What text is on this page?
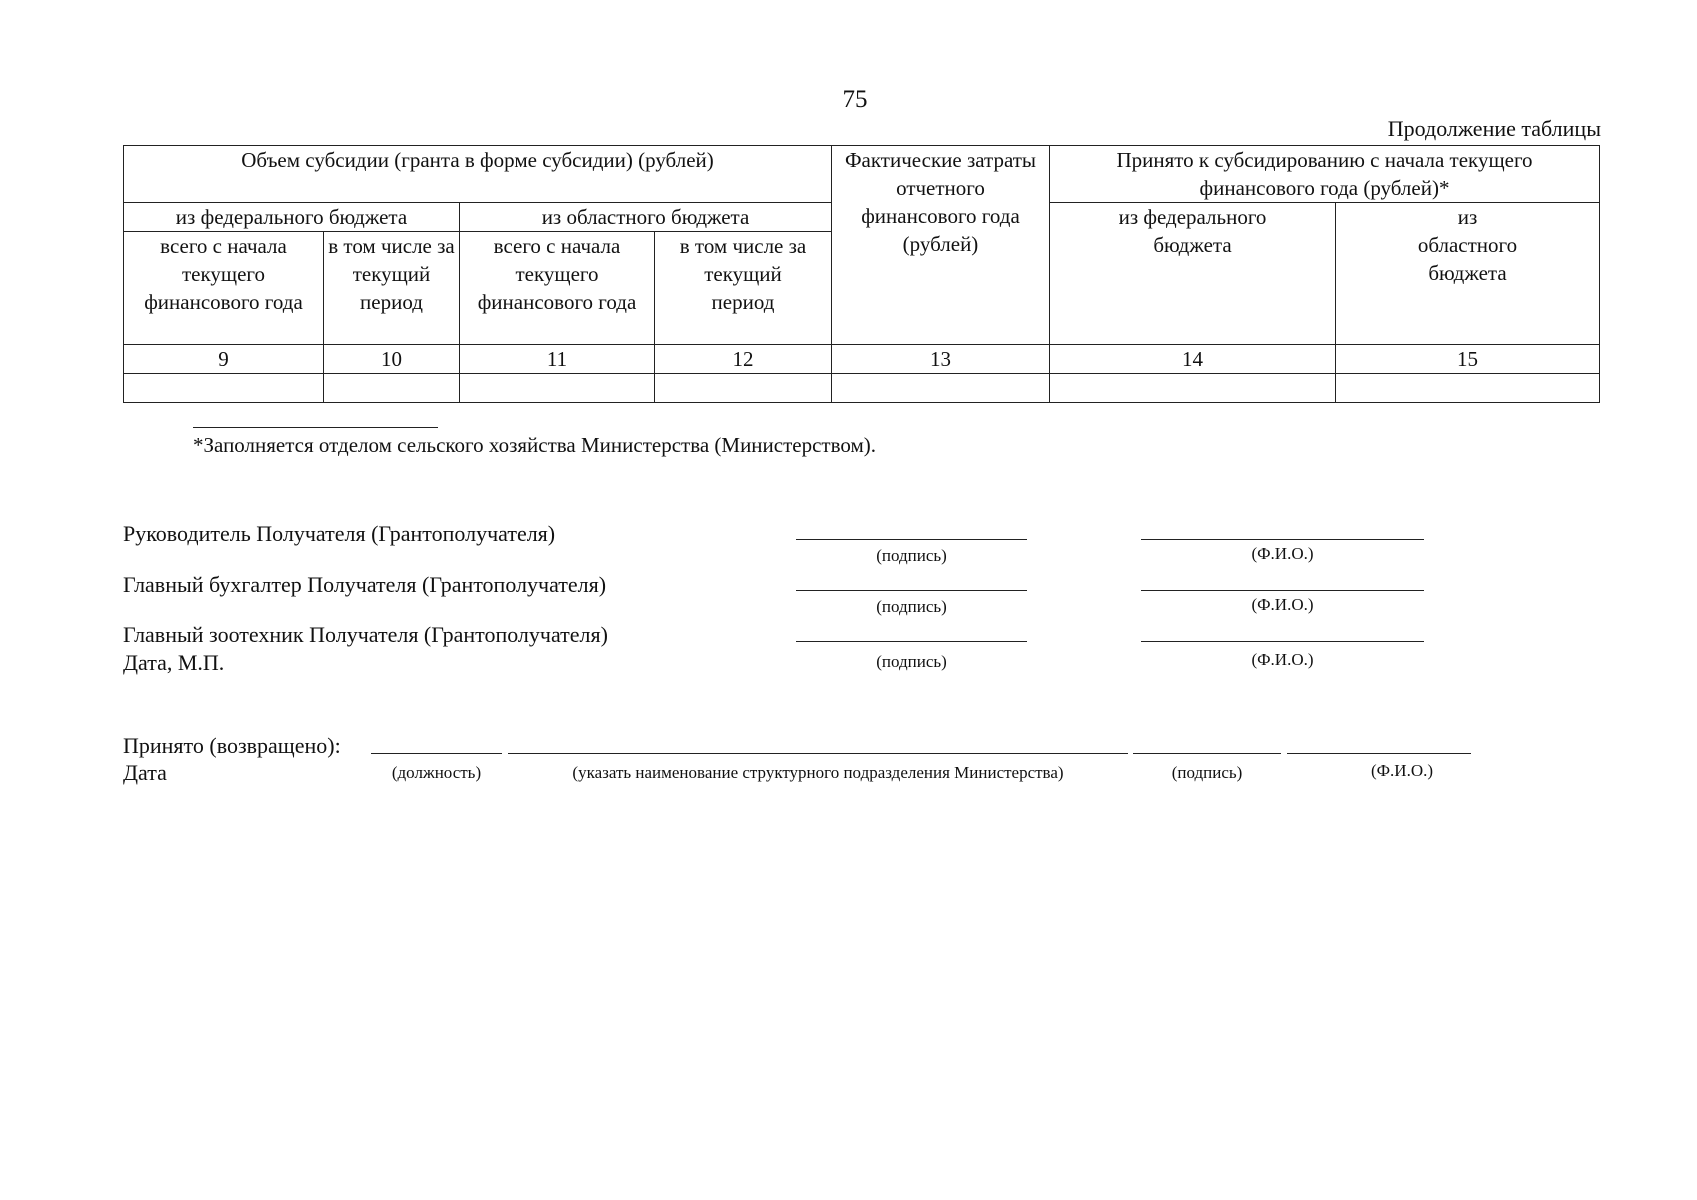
75
Продолжение таблицы
Объем субсидии (гранта в форме субсидии) (рублей)				Фактические затраты отчетного финансового года (рублей)	Принято к субсидированию с начала текущего финансового года (рублей)*	
из федерального бюджета		из областного бюджета			из федерального бюджета	из областного бюджета
всего с начала текущего финансового года	в том числе за текущий период	всего с начала текущего финансового года	в том числе за текущий период			
9	10	11	12	13	14	15

*Заполняется отделом сельского хозяйства Министерства (Министерством).
Руководитель Получателя (Грантополучателя)
(подпись)	(Ф.И.О.)
Главный бухгалтер Получателя (Грантополучателя)
(подпись)	(Ф.И.О.)
Главный зоотехник Получателя (Грантополучателя)
Дата, М.П.	(подпись)	(Ф.И.О.)
Принято (возвращено):
Дата	(должность)	(указать наименование структурного подразделения Министерства)	(подпись)	(Ф.И.О.)
